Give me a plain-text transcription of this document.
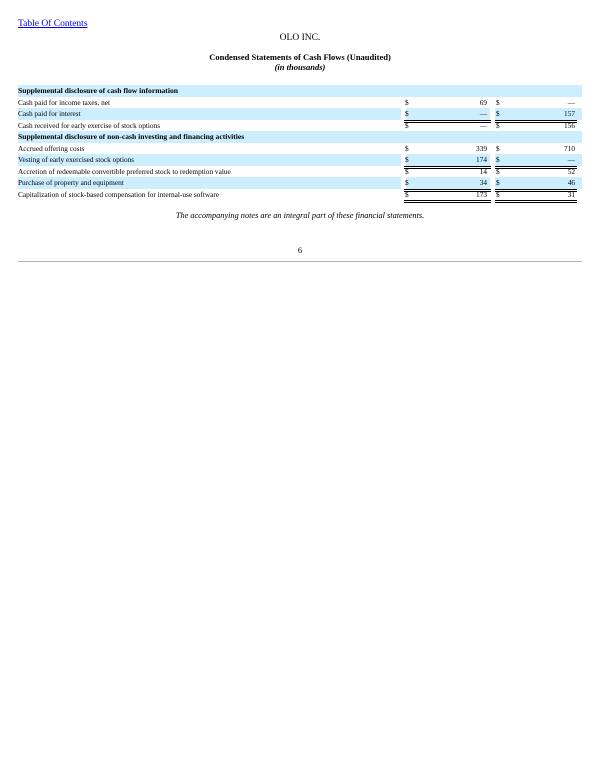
Table Of Contents
OLO INC.
Condensed Statements of Cash Flows (Unaudited)
(in thousands)
Supplemental disclosure of cash flow information
Cash paid for income taxes, net	$	69 $	—
Cash paid for interest	$	— $	157
Cash received for early exercise of stock options	$	— $	156
Supplemental disclosure of non-cash investing and financing activities
Accrued offering costs	$	339 $	710
Vesting of early exercised stock options	$	174 $	—
Accretion of redeemable convertible preferred stock to redemption value	$	14 $	52
Purchase of property and equipment	$	34 $	46
Capitalization of stock-based compensation for internal-use software	$	173 $	31
The accompanying notes are an integral part of these financial statements.
6
